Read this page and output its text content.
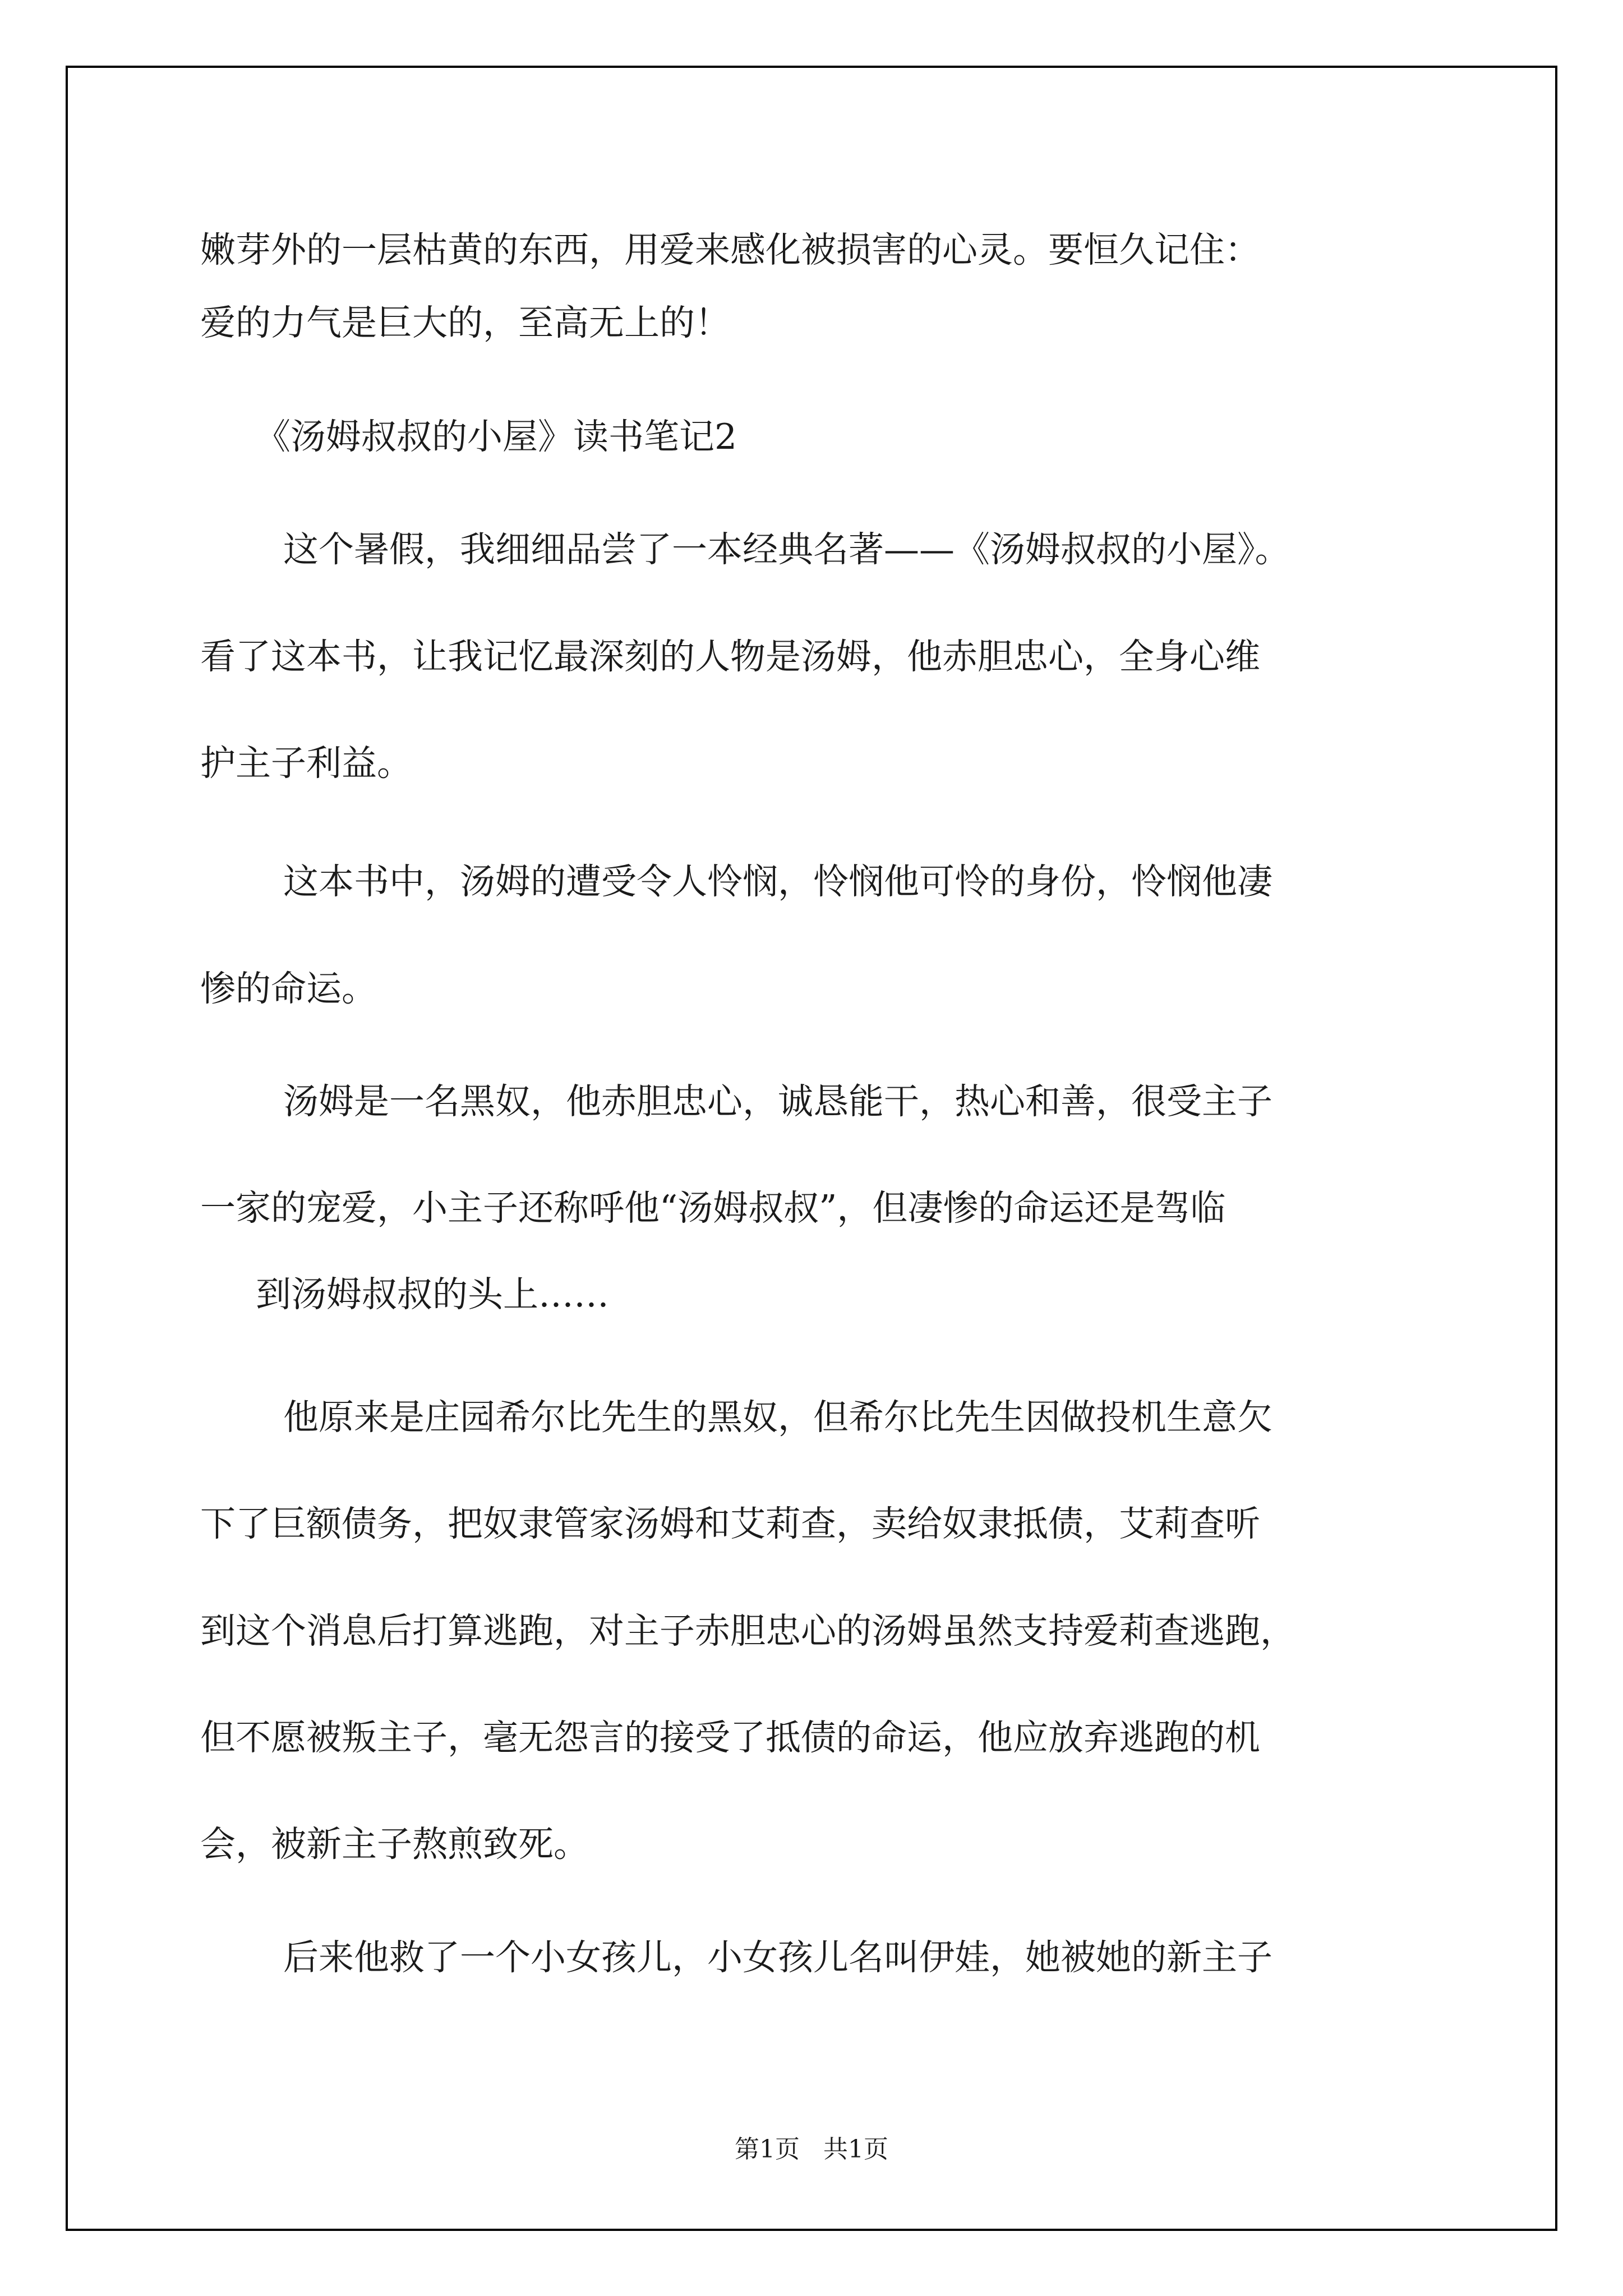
嫩芽外的一层枯黄的东西，用爱来感化被损害的心灵。要恒久记住：
爱的力气是巨大的，至高无上的！
《汤姆叔叔的小屋》读书笔记2
这个暑假，我细细品尝了一本经典名著——《汤姆叔叔的小屋》。
看了这本书，让我记忆最深刻的人物是汤姆，他赤胆忠心，全身心维
护主子利益。
这本书中，汤姆的遭受令人怜悯，怜悯他可怜的身份，怜悯他凄
惨的命运。
汤姆是一名黑奴，他赤胆忠心，诚恳能干，热心和善，很受主子
一家的宠爱，小主子还称呼他“汤姆叔叔”，但凄惨的命运还是驾临
到汤姆叔叔的头上……
他原来是庄园希尔比先生的黑奴，但希尔比先生因做投机生意欠
下了巨额债务，把奴隶管家汤姆和艾莉查，卖给奴隶抵债，艾莉查听
到这个消息后打算逃跑，对主子赤胆忠心的汤姆虽然支持爱莉查逃跑，
但不愿被叛主子，毫无怨言的接受了抵债的命运，他应放弃逃跑的机
会，被新主子熬煎致死。
后来他救了一个小女孩儿，小女孩儿名叫伊娃，她被她的新主子
第1页   共1页
